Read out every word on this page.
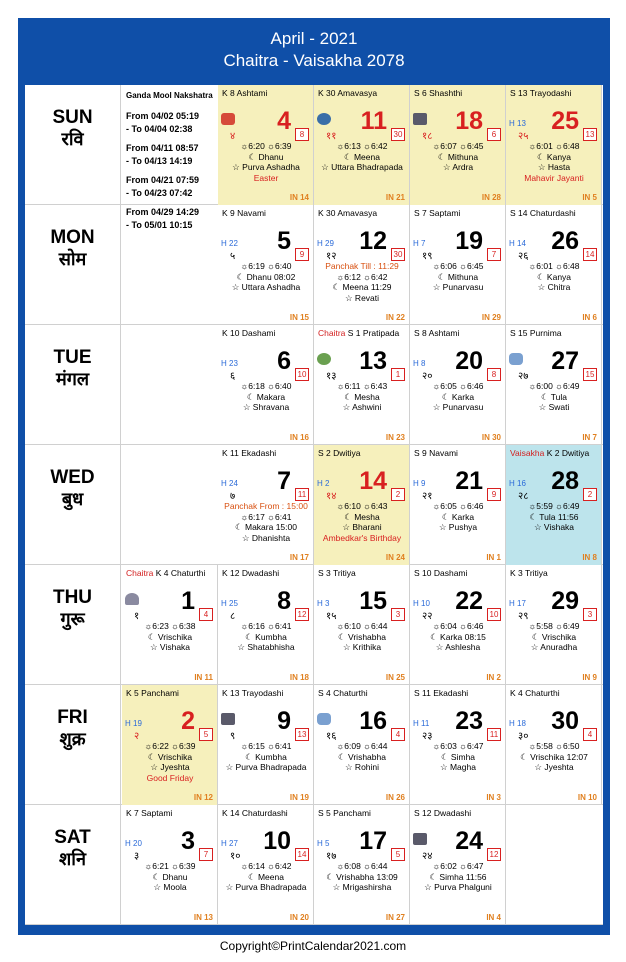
April - 2021
Chaitra - Vaisakha 2078
SUN
रवि
K 8 Ashtami
4
४	8
☼6:20 ☼6:39
☾ Dhanu
☆ Purva Ashadha
Easter
IN 14
K 30 Amavasya
11
११	30
☼6:13 ☼6:42
☾ Meena
☆ Uttara Bhadrapada
IN 21
S 6 Shashthi
18
१८	6
☼6:07 ☼6:45
☾ Mithuna
☆ Ardra
IN 28
S 13 Trayodashi
H 13 25
२५	13
☼6:01 ☼6:48
☾ Kanya
☆ Hasta
Mahavir Jayanti
IN 5
MON
सोम
K 9 Navami
H 22 5
५	9
☼6:19 ☼6:40
☾ Dhanu 08:02
☆ Uttara Ashadha
IN 15
K 30 Amavasya
H 29 12
१२	30
Panchak Till : 11:29
☼6:12 ☼6:42
☾ Meena 11:29
☆ Revati
IN 22
S 7 Saptami
H 7 19
१९	7
☼6:06 ☼6:45
☾ Mithuna
☆ Punarvasu
IN 29
S 14 Chaturdashi
H 14 26
२६	14
☼6:01 ☼6:48
☾ Kanya
☆ Chitra
IN 6
TUE
मंगल
K 10 Dashami
H 23 6
६	10
☼6:18 ☼6:40
☾ Makara
☆ Shravana
IN 16
Chaitra S 1 Pratipada
13
१३	1
☼6:11 ☼6:43
☾ Mesha
☆ Ashwini
IN 23
S 8 Ashtami
H 8 20
२०	8
☼6:05 ☼6:46
☾ Karka
☆ Punarvasu
IN 30
S 15 Purnima
27
२७	15
☼6:00 ☼6:49
☾ Tula
☆ Swati
IN 7
WED
बुध
K 11 Ekadashi
H 24 7
७	11
Panchak From : 15:00
☼6:17 ☼6:41
☾ Makara 15:00
☆ Dhanishta
IN 17
S 2 Dwitiya
H 2 14
१४	2
☼6:10 ☼6:43
☾ Mesha
☆ Bharani
Ambedkar's Birthday
IN 24
S 9 Navami
H 9 21
२१	9
☼6:05 ☼6:46
☾ Karka
☆ Pushya
IN 1
Vaisakha K 2 Dwitiya
H 16 28
२८	2
☼5:59 ☼6:49
☾ Tula 11:56
☆ Vishaka
IN 8
THU
गुरू
Chaitra K 4 Chaturthi
1
१	4
☼6:23 ☼6:38
☾ Vrischika
☆ Vishaka
IN 11
K 12 Dwadashi
H 25 8
८	12
☼6:16 ☼6:41
☾ Kumbha
☆ Shatabhisha
IN 18
S 3 Tritiya
H 3 15
१५	3
☼6:10 ☼6:44
☾ Vrishabha
☆ Krithika
IN 25
S 10 Dashami
H 10 22
२२	10
☼6:04 ☼6:46
☾ Karka 08:15
☆ Ashlesha
IN 2
K 3 Tritiya
H 17 29
२९	3
☼5:58 ☼6:49
☾ Vrischika
☆ Anuradha
IN 9
FRI
शुक्र
K 5 Panchami
H 19 2
२	5
☼6:22 ☼6:39
☾ Vrischika
☆ Jyeshta
Good Friday
IN 12
K 13 Trayodashi
9
९	13
☼6:15 ☼6:41
☾ Kumbha
☆ Purva Bhadrapada
IN 19
S 4 Chaturthi
16
१६	4
☼6:09 ☼6:44
☾ Vrishabha
☆ Rohini
IN 26
S 11 Ekadashi
H 11 23
२३	11
☼6:03 ☼6:47
☾ Simha
☆ Magha
IN 3
K 4 Chaturthi
H 18 30
३०	4
☼5:58 ☼6:50
☾ Vrischika 12:07
☆ Jyeshta
IN 10
SAT
शनि
K 7 Saptami
H 20 3
३	7
☼6:21 ☼6:39
☾ Dhanu
☆ Moola
IN 13
K 14 Chaturdashi
H 27 10
१०	14
☼6:14 ☼6:42
☾ Meena
☆ Purva Bhadrapada
IN 20
S 5 Panchami
H 5 17
१७	5
☼6:08 ☼6:44
☾ Vrishabha 13:09
☆ Mrigashirsha
IN 27
S 12 Dwadashi
24
२४	12
☼6:02 ☼6:47
☾ Simha 11:56
☆ Purva Phalguni
IN 4
Ganda Mool Nakshatra
From 04/02 05:19
- To 04/04 02:38
From 04/11 08:57
- To 04/13 14:19
From 04/21 07:59
- To 04/23 07:42
From 04/29 14:29
- To 05/01 10:15
Copyright©PrintCalendar2021.com
